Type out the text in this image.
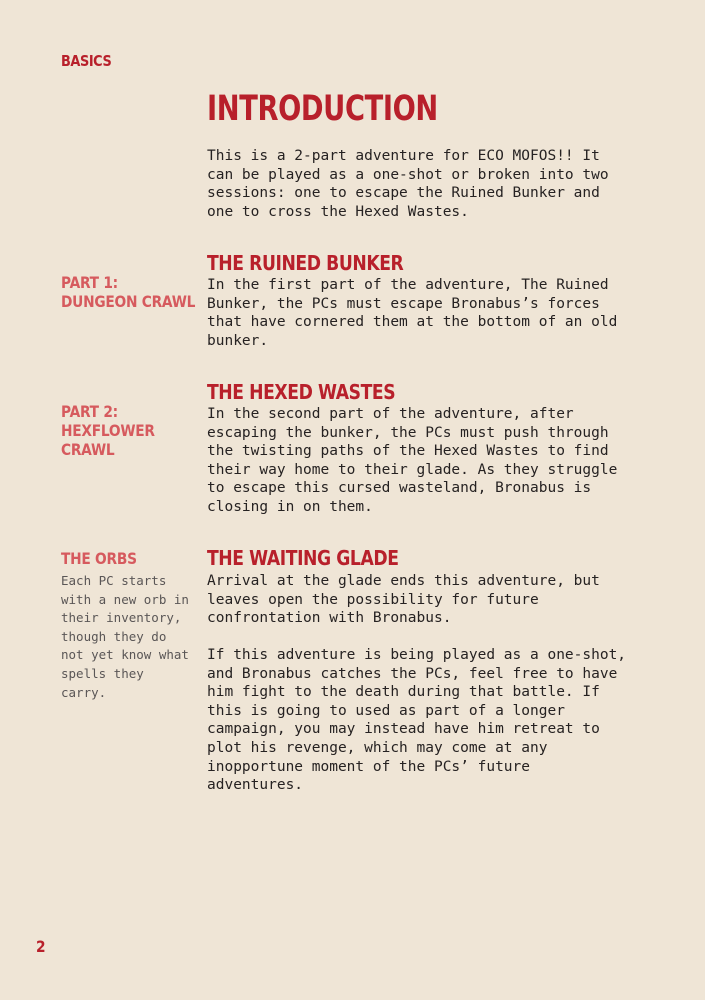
BASICS
INTRODUCTION
This is a 2-part adventure for ECO MOFOS!! It can be played as a one-shot or broken into two sessions: one to escape the Ruined Bunker and one to cross the Hexed Wastes.
PART 1:
DUNGEON CRAWL
THE RUINED BUNKER
In the first part of the adventure, The Ruined Bunker, the PCs must escape Bronabus’s forces that have cornered them at the bottom of an old bunker.
PART 2:
HEXFLOWER
CRAWL
THE HEXED WASTES
In the second part of the adventure, after escaping the bunker, the PCs must push through the twisting paths of the Hexed Wastes to find their way home to their glade. As they struggle to escape this cursed wasteland, Bronabus is closing in on them.
THE ORBS
Each PC starts with a new orb in their inventory, though they do not yet know what spells they carry.
THE WAITING GLADE
Arrival at the glade ends this adventure, but leaves open the possibility for future confrontation with Bronabus.
If this adventure is being played as a one-shot, and Bronabus catches the PCs, feel free to have him fight to the death during that battle. If this is going to used as part of a longer campaign, you may instead have him retreat to plot his revenge, which may come at any inopportune moment of the PCs’ future adventures.
2
